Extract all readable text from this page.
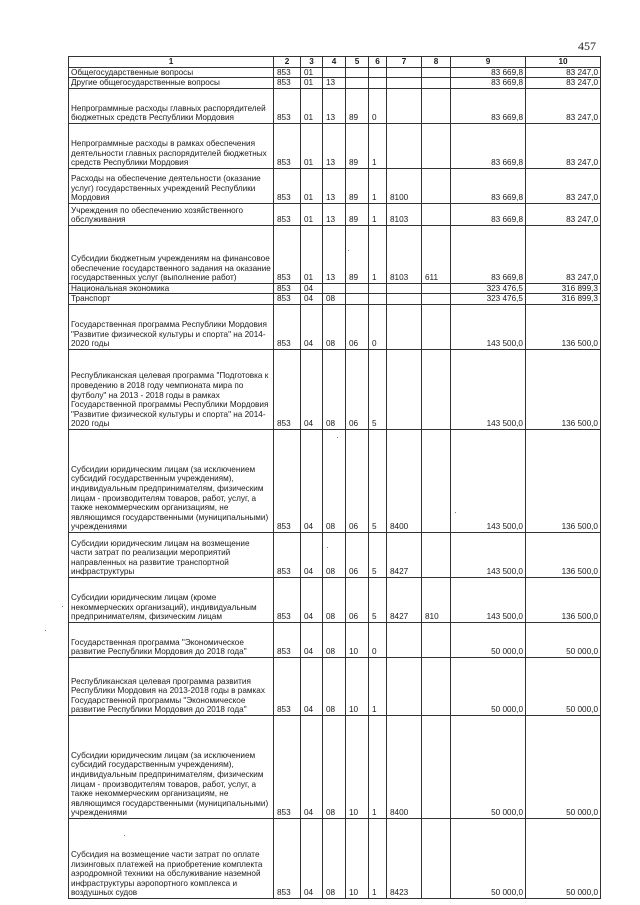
457
1	2	3	4	5	6	7	8	9	10
Общегосударственные вопросы	853	01						83 669,8	83 247,0
Другие общегосударственные вопросы	853	01	13					83 669,8	83 247,0
Непрограммные расходы главных распорядителей бюджетных средств Республики Мордовия	853	01	13	89	0			83 669,8	83 247,0
Непрограммные расходы в рамках обеспечения деятельности главных распорядителей бюджетных средств Республики Мордовия	853	01	13	89	1			83 669,8	83 247,0
Расходы на обеспечение деятельности (оказание услуг) государственных учреждений Республики Мордовия	853	01	13	89	1	8100		83 669,8	83 247,0
Учреждения по обеспечению хозяйственного обслуживания	853	01	13	89	1	8103		83 669,8	83 247,0
Субсидии бюджетным учреждениям на финансовое обеспечение государственного задания на оказание государственных услуг (выполнение работ)	853	01	13	89	1	8103	611	83 669,8	83 247,0
Национальная экономика	853	04						323 476,5	316 899,3
Транспорт	853	04	08					323 476,5	316 899,3
Государственная программа Республики Мордовия "Развитие физической культуры и спорта" на 2014-2020 годы	853	04	08	06	0			143 500,0	136 500,0
Республиканская целевая программа "Подготовка к проведению в 2018 году чемпионата мира по футболу" на 2013 - 2018 годы в рамках Государственной программы Республики Мордовия "Развитие физической культуры и спорта" на 2014-2020 годы	853	04	08	06	5			143 500,0	136 500,0
Субсидии юридическим лицам (за исключением субсидий государственным учреждениям), индивидуальным предпринимателям, физическим лицам - производителям товаров, работ, услуг, а также некоммерческим организациям, не являющимся государственными (муниципальными) учреждениями	853	04	08	06	5	8400		143 500,0	136 500,0
Субсидии юридическим лицам на возмещение части затрат по реализации мероприятий направленных на развитие транспортной инфраструктуры	853	04	08	06	5	8427		143 500,0	136 500,0
Субсидии юридическим лицам (кроме некоммерческих организаций), индивидуальным предпринимателям, физическим лицам	853	04	08	06	5	8427	810	143 500,0	136 500,0
Государственная программа "Экономическое развитие Республики Мордовия до 2018 года"	853	04	08	10	0			50 000,0	50 000,0
Республиканская целевая программа развития Республики Мордовия на 2013-2018 годы в рамках Государственной программы "Экономическое развитие Республики Мордовия до 2018 года"	853	04	08	10	1			50 000,0	50 000,0
Субсидии юридическим лицам (за исключением субсидий государственным учреждениям), индивидуальным предпринимателям, физическим лицам - производителям товаров, работ, услуг, а также некоммерческим организациям, не являющимся государственными (муниципальными) учреждениями	853	04	08	10	1	8400		50 000,0	50 000,0
Субсидия на возмещение части затрат по оплате лизинговых платежей на приобретение комплекта аэродромной техники на обслуживание наземной инфраструктуры аэропортного комплекса и воздушных судов	853	04	08	10	1	8423		50 000,0	50 000,0
